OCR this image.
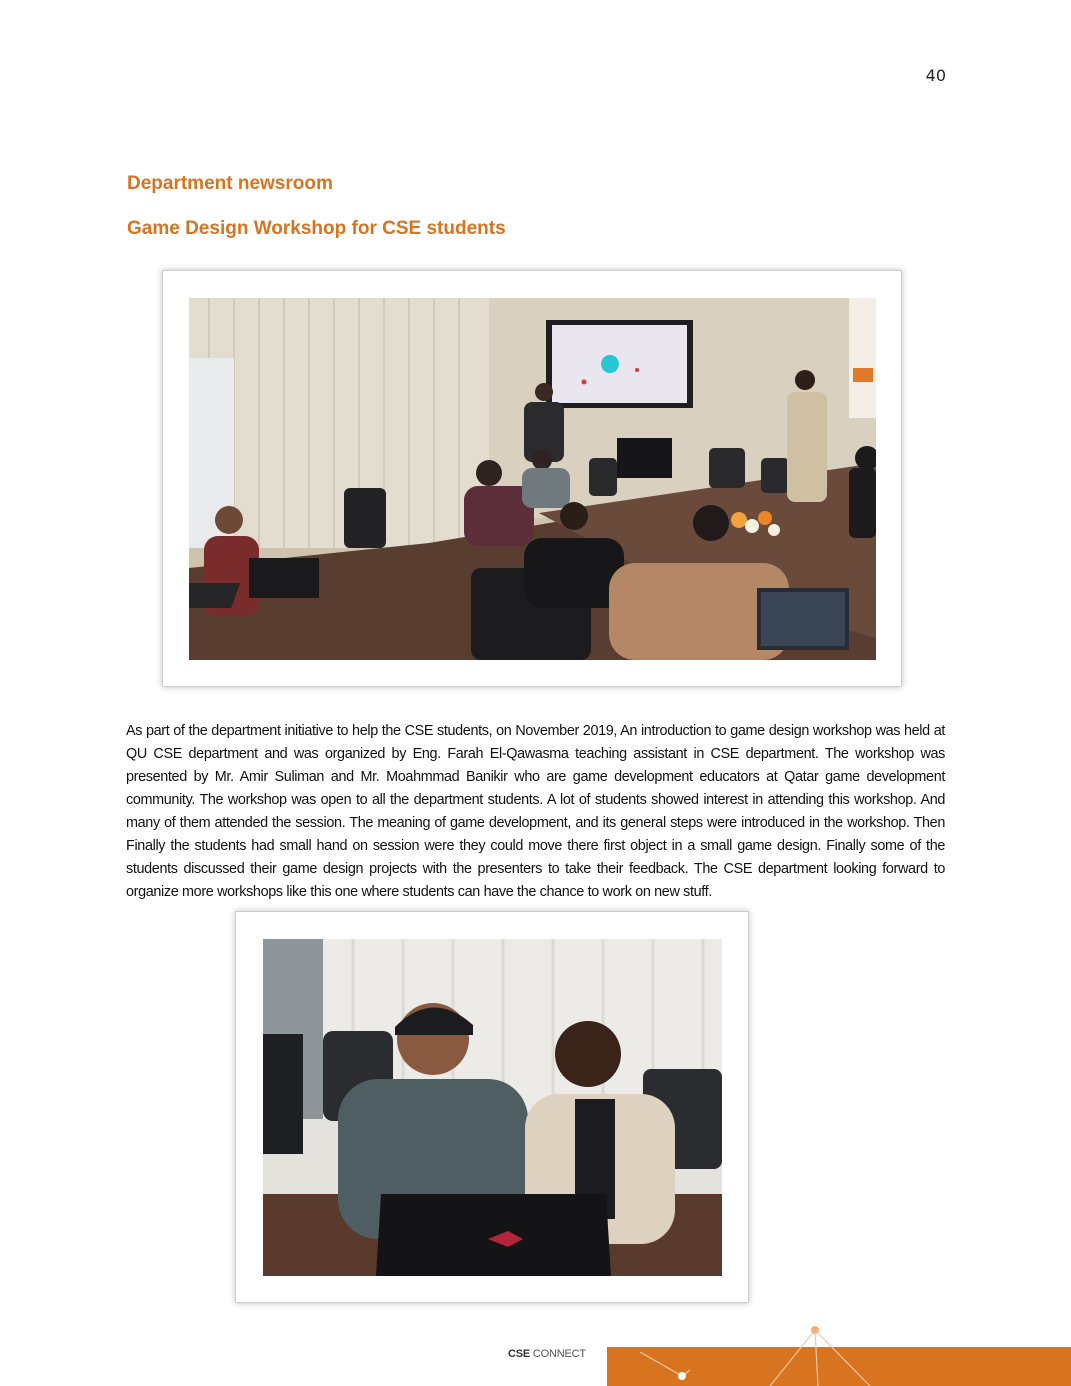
40
Department newsroom
Game Design Workshop for CSE students

As part of the department initiative to help the CSE students, on November 2019, An introduction to game design workshop was held at QU CSE department and was organized by Eng. Farah El-Qawasma teaching assistant in CSE department. The workshop was presented by Mr. Amir Suliman and Mr. Moahmmad Banikir who are game development educators at Qatar game development community. The workshop was open to all the department students. A lot of students showed interest in attending this workshop. And many of them attended the session. The meaning of game development, and its general steps were introduced in the workshop. Then Finally the students had small hand on session were they could move there first object in a small game design. Finally some of the students discussed their game design projects with the presenters to take their feedback. The CSE department looking forward to organize more workshops like this one where students can have the chance to work on new stuff.

CSE CONNECT
